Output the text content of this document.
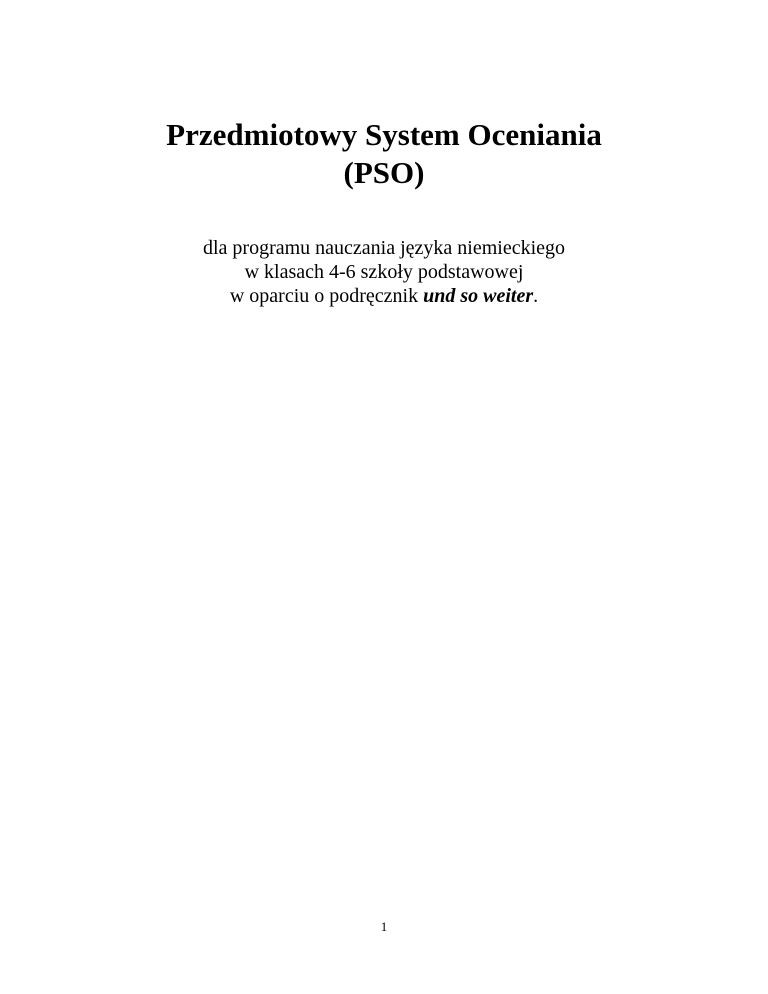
Przedmiotowy System Oceniania
(PSO)
dla programu nauczania języka niemieckiego
w klasach 4-6 szkoły podstawowej
w oparciu o podręcznik und so weiter.
1
